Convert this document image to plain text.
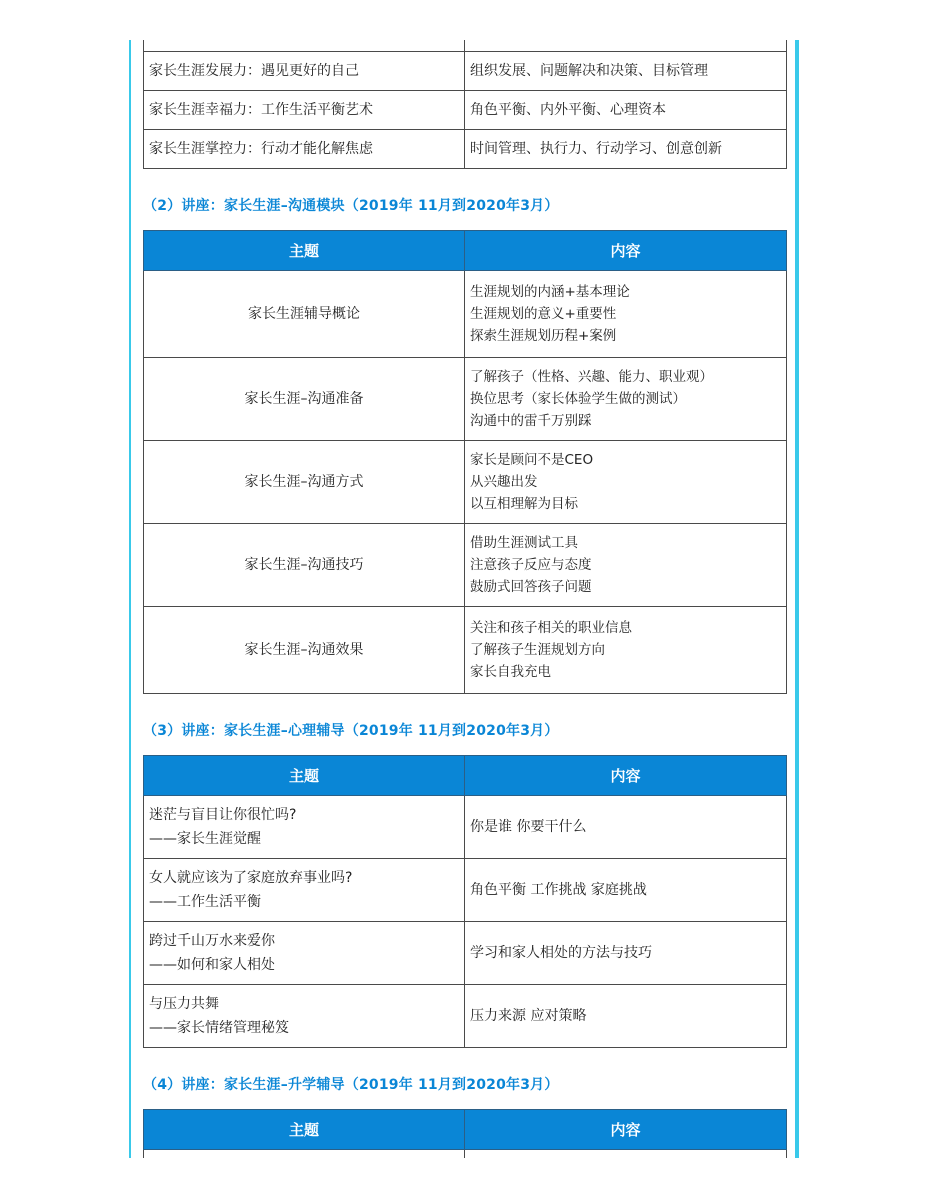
家长生涯发展力：遇见更好的自己	组织发展、问题解决和决策、目标管理
家长生涯幸福力：工作生活平衡艺术	角色平衡、内外平衡、心理资本
家长生涯掌控力：行动才能化解焦虑	时间管理、执行力、行动学习、创意创新
（2）讲座：家长生涯–沟通模块（2019年 11月到2020年3月）
主题	内容
家长生涯辅导概论	生涯规划的内涵+基本理论
生涯规划的意义+重要性
探索生涯规划历程+案例

家长生涯–沟通准备	了解孩子（性格、兴趣、能力、职业观）
换位思考（家长体验学生做的测试）
沟通中的雷千万别踩

家长生涯–沟通方式	家长是顾问不是CEO
从兴趣出发
以互相理解为目标

家长生涯–沟通技巧	借助生涯测试工具
注意孩子反应与态度
鼓励式回答孩子问题

家长生涯–沟通效果	关注和孩子相关的职业信息
了解孩子生涯规划方向
家长自我充电
（3）讲座：家长生涯–心理辅导（2019年 11月到2020年3月）
主题	内容

迷茫与盲目让你很忙吗?
——家长生涯觉醒	你是谁 你要干什么

女人就应该为了家庭放弃事业吗?
——工作生活平衡	角色平衡 工作挑战 家庭挑战

跨过千山万水来爱你
——如何和家人相处	学习和家人相处的方法与技巧

与压力共舞
——家长情绪管理秘笈	压力来源 应对策略
（4）讲座：家长生涯–升学辅导（2019年 11月到2020年3月）
主题	内容
